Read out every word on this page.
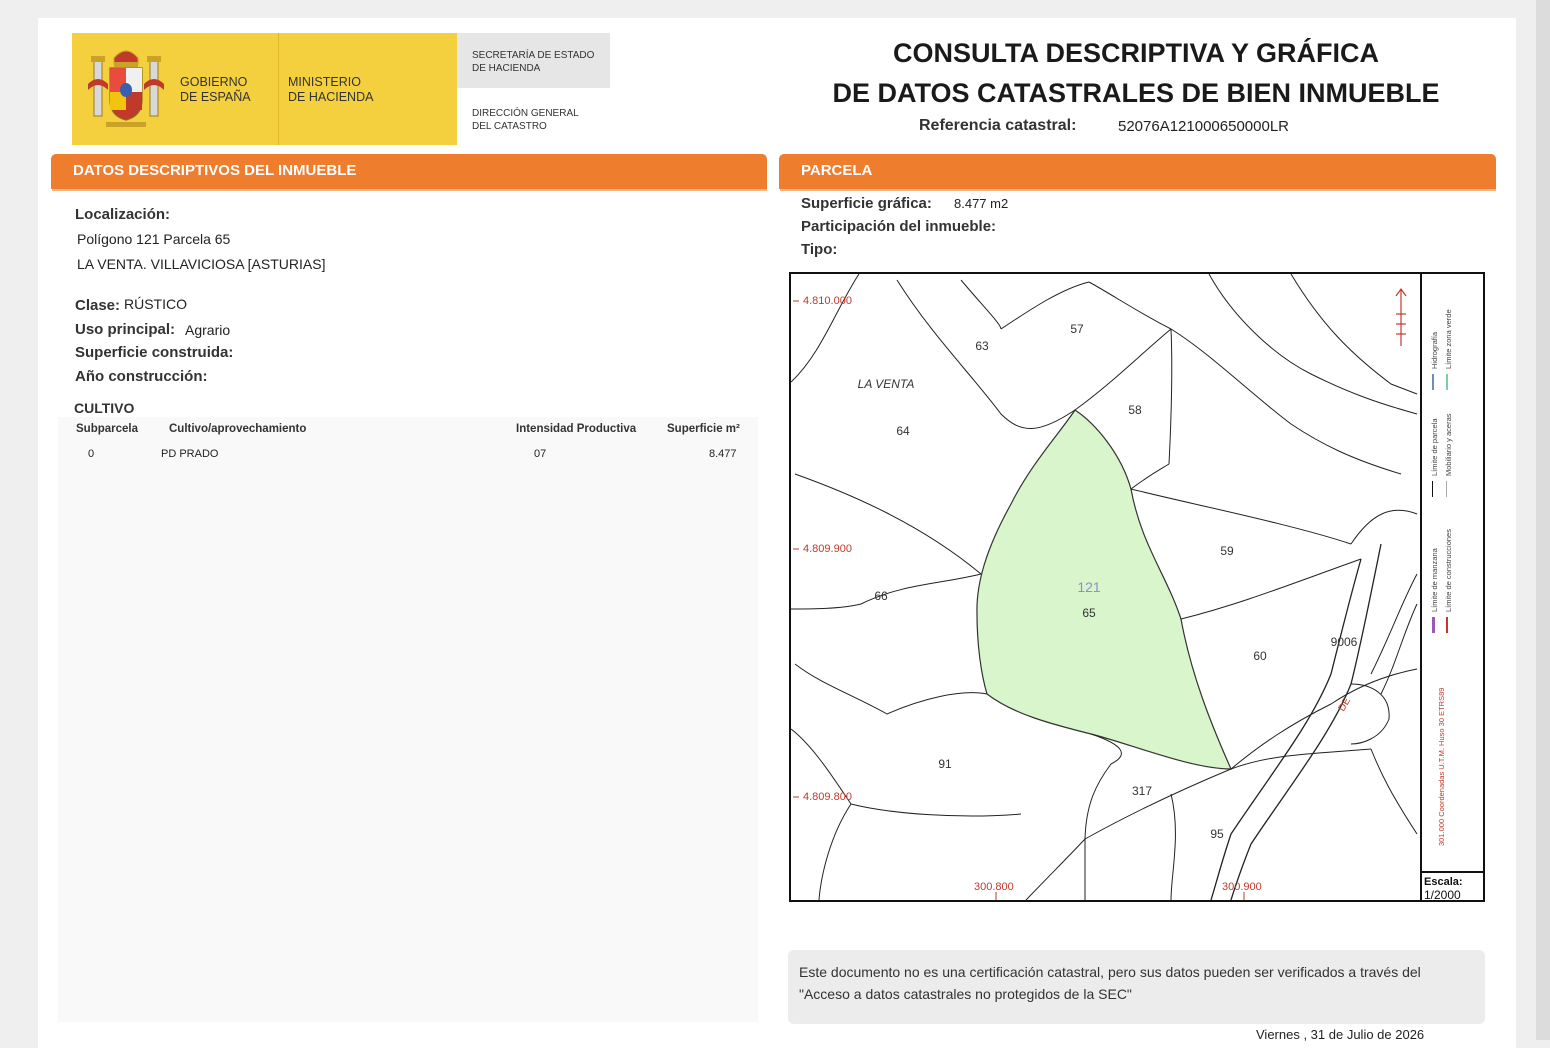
GOBIERNO
DE ESPAÑA
MINISTERIO
DE HACIENDA
SECRETARÍA DE ESTADO
DE HACIENDA
DIRECCIÓN GENERAL
DEL CATASTRO
CONSULTA DESCRIPTIVA Y GRÁFICA
DE DATOS CATASTRALES DE BIEN INMUEBLE
Referencia catastral:	52076A121000650000LR
DATOS DESCRIPTIVOS DEL INMUEBLE
Localización:
Polígono 121 Parcela 65
LA VENTA. VILLAVICIOSA [ASTURIAS]
Clase: RÚSTICO
Uso principal: Agrario
Superficie construida:
Año construcción:
CULTIVO
Subparcela	Cultivo/aprovechamiento	Intensidad Productiva	Superficie m²
0	PD PRADO	07	8.477
PARCELA
Superficie gráfica: 8.477 m2
Participación del inmueble:
Tipo:
4.810.000
4.809.900
4.809.800
300.800	300.900
LA VENTA
121
63
57
58
64
59
66
65
60
9006
91
317
95
DE
Límite de manzana Límite de construcciones
Límite de parcela Mobiliario y aceras
Hidrografía Límite zona verde
301.000 Coordenadas U.T.M. Huso 30 ETRS89
Escala:
1/2000
Este documento no es una certificación catastral, pero sus datos pueden ser verificados a través del "Acceso a datos catastrales no protegidos de la SEC"
Viernes , 31 de Julio de 2026
